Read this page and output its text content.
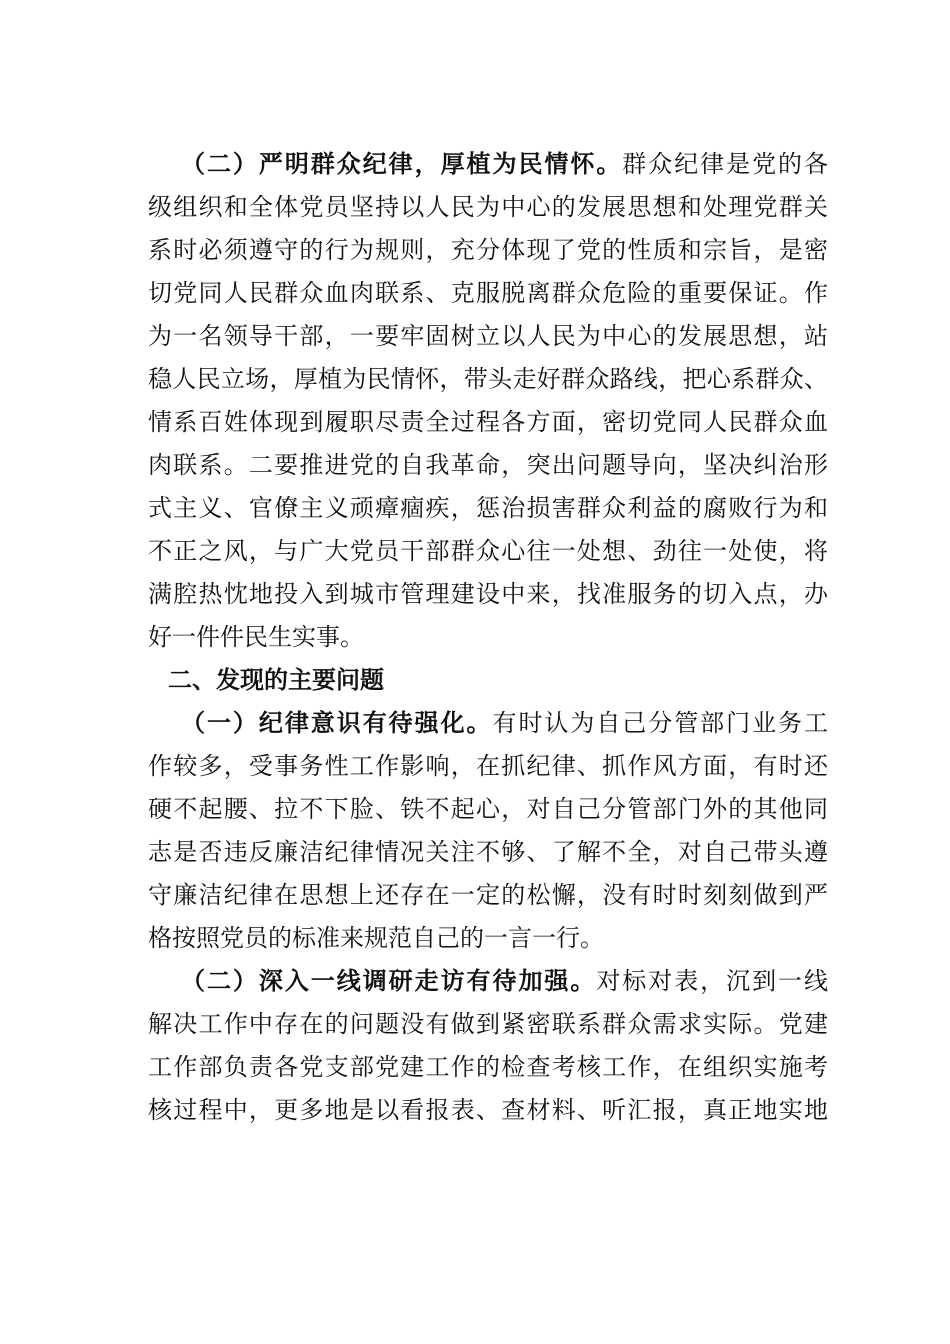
（二）严明群众纪律，厚植为民情怀。群众纪律是党的各
级组织和全体党员坚持以人民为中心的发展思想和处理党群关
系时必须遵守的行为规则，充分体现了党的性质和宗旨，是密
切党同人民群众血肉联系、克服脱离群众危险的重要保证。作
为一名领导干部，一要牢固树立以人民为中心的发展思想，站
稳人民立场，厚植为民情怀，带头走好群众路线，把心系群众、
情系百姓体现到履职尽责全过程各方面，密切党同人民群众血
肉联系。二要推进党的自我革命，突出问题导向，坚决纠治形
式主义、官僚主义顽瘴痼疾，惩治损害群众利益的腐败行为和
不正之风，与广大党员干部群众心往一处想、劲往一处使，将
满腔热忱地投入到城市管理建设中来，找准服务的切入点，办
好一件件民生实事。
二、发现的主要问题
（一）纪律意识有待强化。有时认为自己分管部门业务工
作较多，受事务性工作影响，在抓纪律、抓作风方面，有时还
硬不起腰、拉不下脸、铁不起心，对自己分管部门外的其他同
志是否违反廉洁纪律情况关注不够、了解不全，对自己带头遵
守廉洁纪律在思想上还存在一定的松懈，没有时时刻刻做到严
格按照党员的标准来规范自己的一言一行。
（二）深入一线调研走访有待加强。对标对表，沉到一线
解决工作中存在的问题没有做到紧密联系群众需求实际。党建
工作部负责各党支部党建工作的检查考核工作，在组织实施考
核过程中，更多地是以看报表、查材料、听汇报，真正地实地
